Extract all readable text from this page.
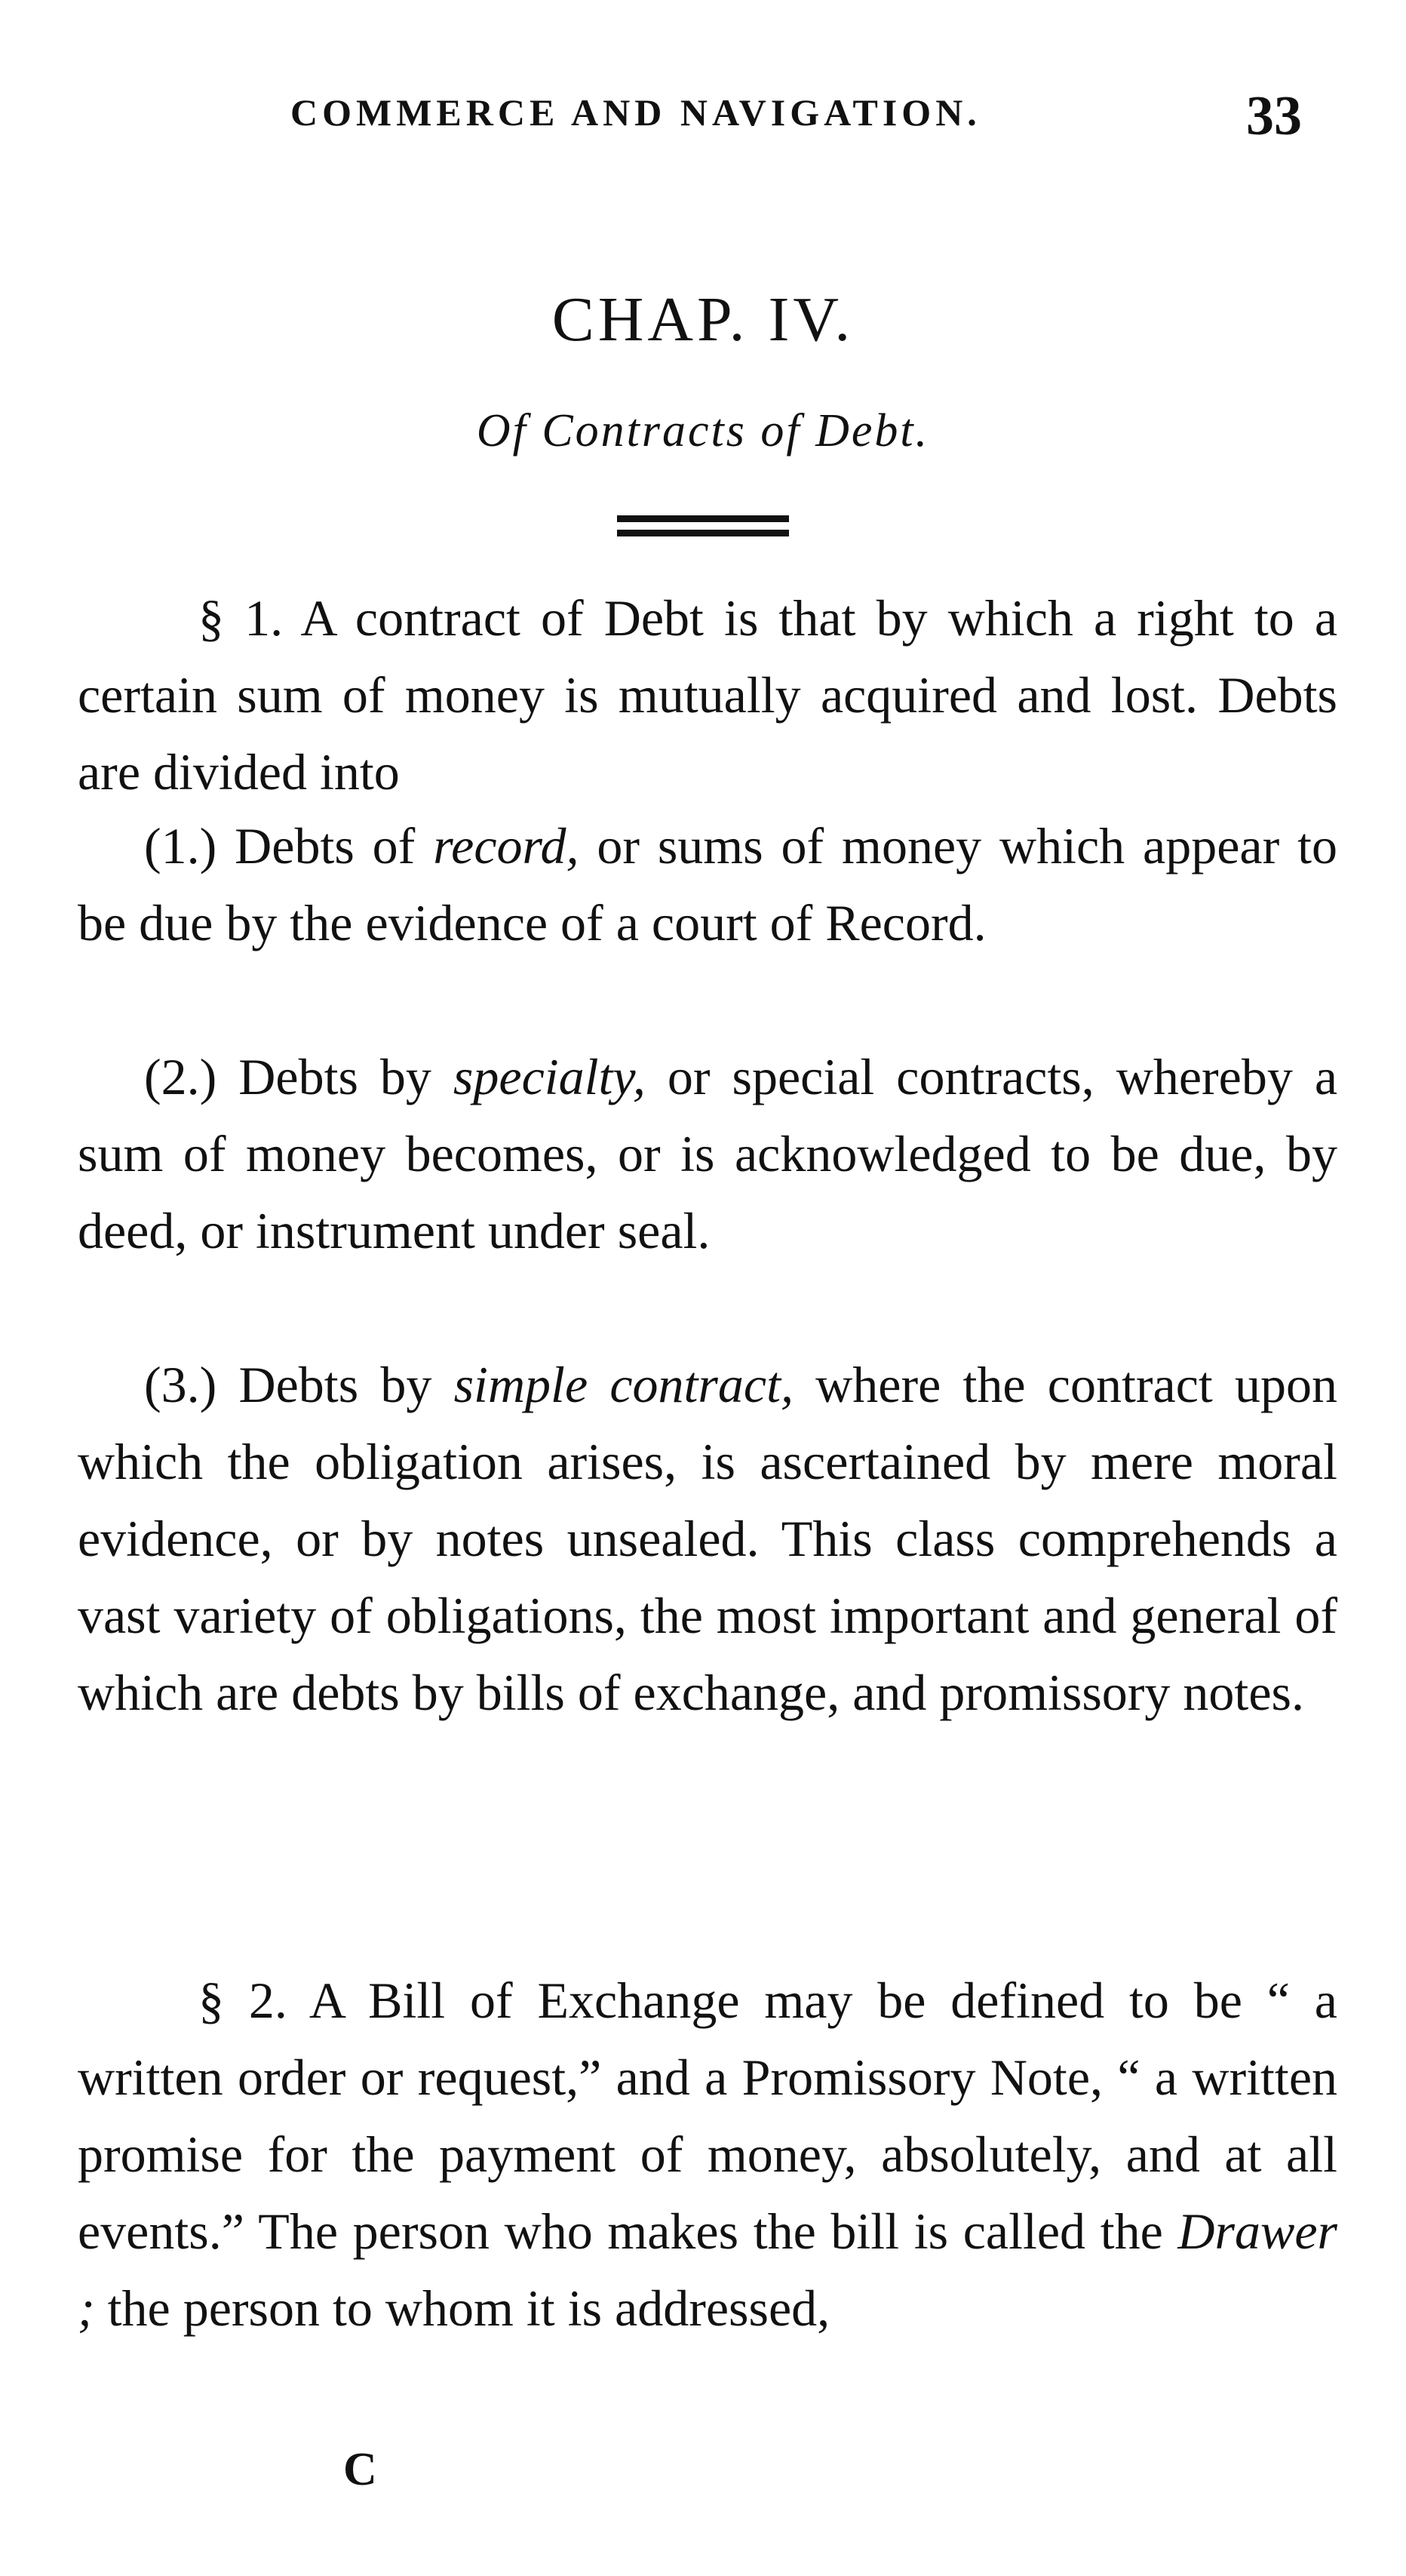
COMMERCE AND NAVIGATION.	33
CHAP. IV.
Of Contracts of Debt.

§ 1. A contract of Debt is that by which a right to a certain sum of money is mutually acquired and lost. Debts are divided into

(1.) Debts of record, or sums of money which appear to be due by the evidence of a court of Record.

(2.) Debts by specialty, or special contracts, whereby a sum of money becomes, or is acknowledged to be due, by deed, or instrument under seal.

(3.) Debts by simple contract, where the contract upon which the obligation arises, is ascertained by mere moral evidence, or by notes unsealed. This class comprehends a vast variety of obligations, the most important and general of which are debts by bills of exchange, and promissory notes.

§ 2. A Bill of Exchange may be defined to be “ a written order or request,” and a Promissory Note, “ a written promise for the payment of money, absolutely, and at all events.” The person who makes the bill is called the Drawer ; the person to whom it is addressed,

C
